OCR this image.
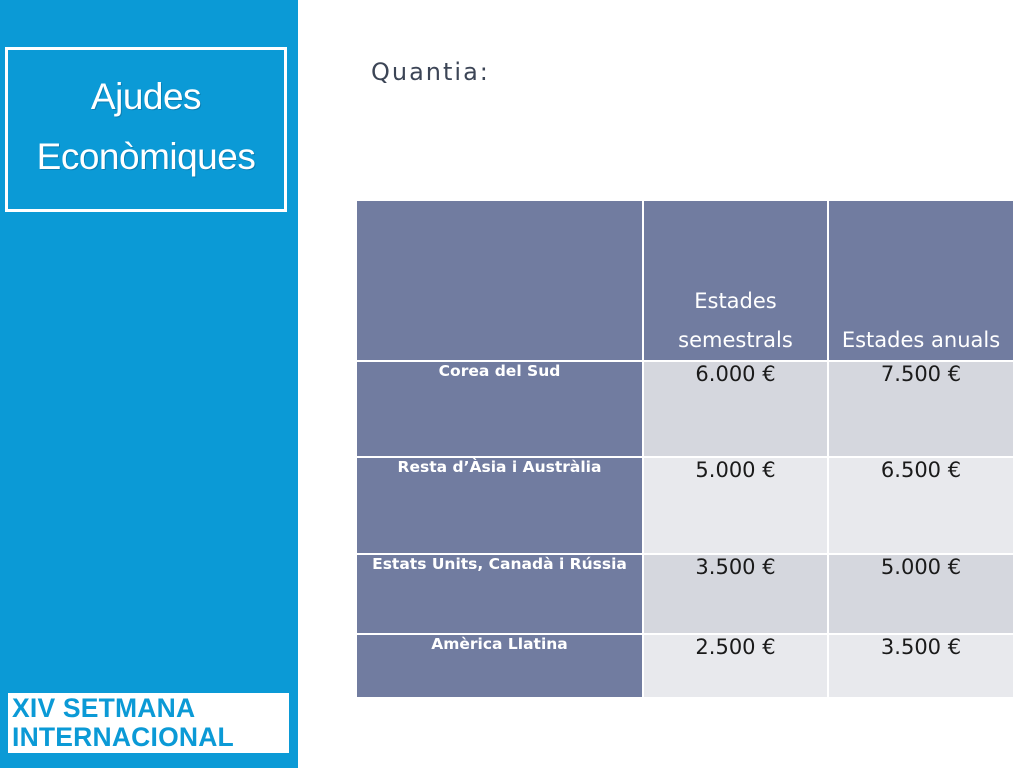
Ajudes
Econòmiques
XIV SETMANA
INTERNACIONAL
Quantia:
	Estades semestrals	Estades anuals
Corea del Sud	6.000 €	7.500 €
Resta d’Àsia i Austràlia	5.000 €	6.500 €
Estats Units, Canadà i Rússia	3.500 €	5.000 €
Amèrica Llatina	2.500 €	3.500 €
